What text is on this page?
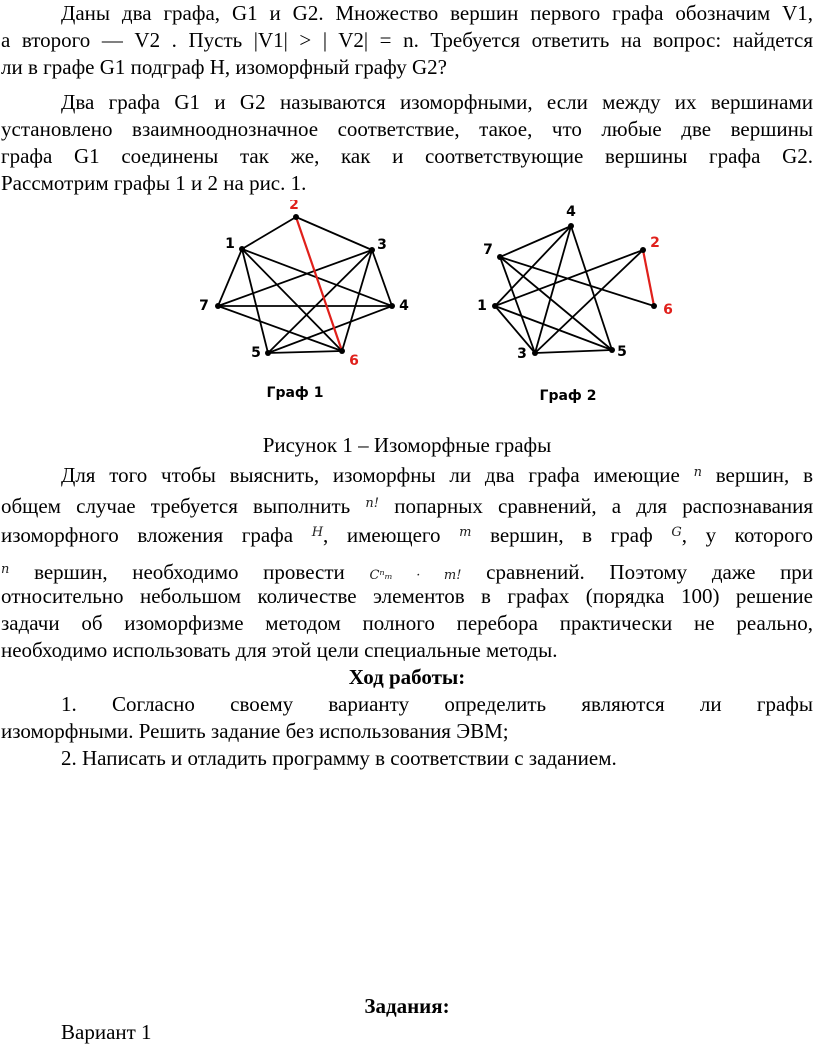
Даны два графа, G1 и G2. Множество вершин первого графа обозначим V1,

а второго — V2 . Пусть |V1| > | V2| = n. Требуется ответить на вопрос: найдется

ли в графе G1 подграф H, изоморфный графу G2?

Два графа G1 и G2 называются изоморфными, если между их вершинами

установлено взаимнооднозначное соответствие, такое, что любые две вершины

графа G1 соединены так же, как и соответствующие вершины графа G2.

Рассмотрим графы 1 и 2 на рис. 1.

1
2
3
4
5	6
7	1
2
3
4
5
6
7
Граф 1	Граф 2

Рисунок 1 – Изоморфные графы

Для того чтобы выяснить, изоморфны ли два графа имеющие $^n$ вершин, в

общем случае требуется выполнить $^{n!}$ попарных сравнений, а для распознавания

изоморфного вложения графа $^H$, имеющего $^m$ вершин, в граф $^G$, у которого

$^n$ вершин, необходимо провести Cⁿₘ · m! сравнений. Поэтому даже при

относительно небольшом количестве элементов в графах (порядка 100) решение

задачи об изоморфизме методом полного перебора практически не реально,

необходимо использовать для этой цели специальные методы.

Ход работы:

1. Согласно своему варианту определить являются ли графы

изоморфными. Решить задание без использования ЭВМ;

2. Написать и отладить программу в соответствии с заданием.

Задания:

Вариант 1
